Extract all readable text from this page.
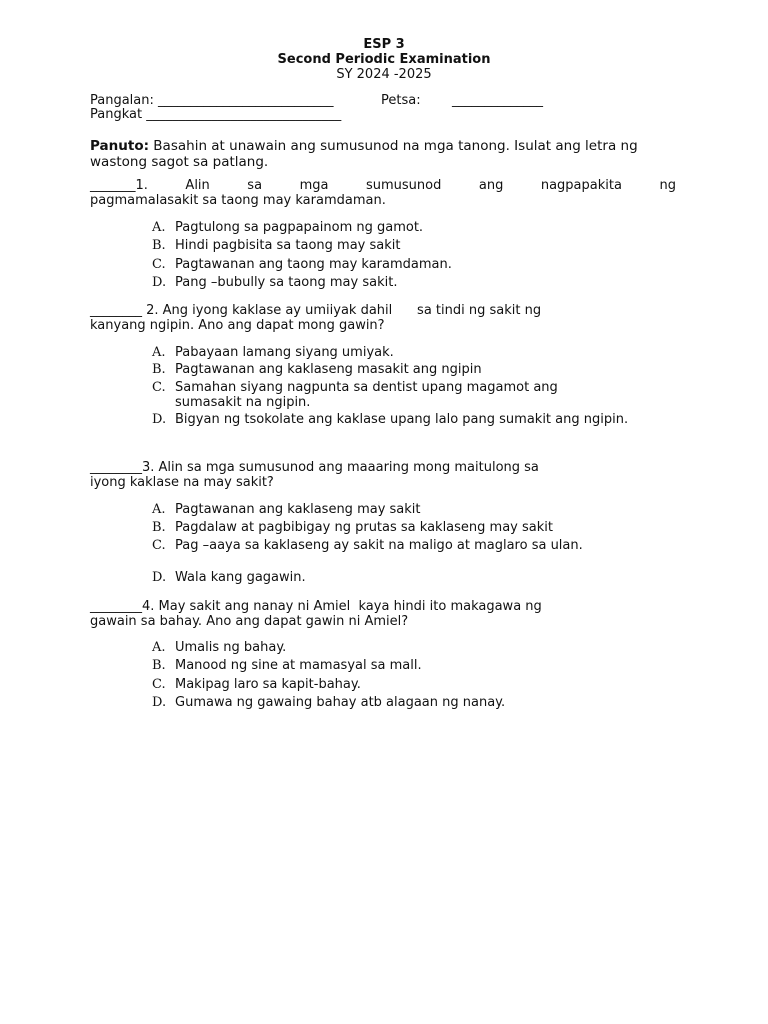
ESP 3
Second Periodic Examination
SY 2024 -2025
Pangalan: ___________________________	Petsa: ______________
Pangkat ______________________________
Panuto: Basahin at unawain ang sumusunod na mga tanong. Isulat ang letra ng wastong sagot sa patlang.
_______1.	Alin	sa	mga	sumusunod	ang	nagpapakita	ng
pagmamalasakit sa taong may karamdaman.
A. Pagtulong sa pagpapainom ng gamot.
B. Hindi pagbisita sa taong may sakit
C. Pagtawanan ang taong may karamdaman.
D. Pang –bubully sa taong may sakit.
________ 2. Ang iyong kaklase ay umiiyak dahil      sa tindi ng sakit ng
kanyang ngipin. Ano ang dapat mong gawin?
A. Pabayaan lamang siyang umiyak.
B. Pagtawanan ang kaklaseng masakit ang ngipin
C. Samahan siyang nagpunta sa dentist upang magamot ang sumasakit na ngipin.
D. Bigyan ng tsokolate ang kaklase upang lalo pang sumakit ang ngipin.
________3. Alin sa mga sumusunod ang maaaring mong maitulong sa
iyong kaklase na may sakit?
A. Pagtawanan ang kaklaseng may sakit
B. Pagdalaw at pagbibigay ng prutas sa kaklaseng may sakit
C. Pag –aaya sa kaklaseng ay sakit na maligo at maglaro sa ulan.
D. Wala kang gagawin.
________4. May sakit ang nanay ni Amiel  kaya hindi ito makagawa ng
gawain sa bahay. Ano ang dapat gawin ni Amiel?
A. Umalis ng bahay.
B. Manood ng sine at mamasyal sa mall.
C. Makipag laro sa kapit-bahay.
D. Gumawa ng gawaing bahay atb alagaan ng nanay.
